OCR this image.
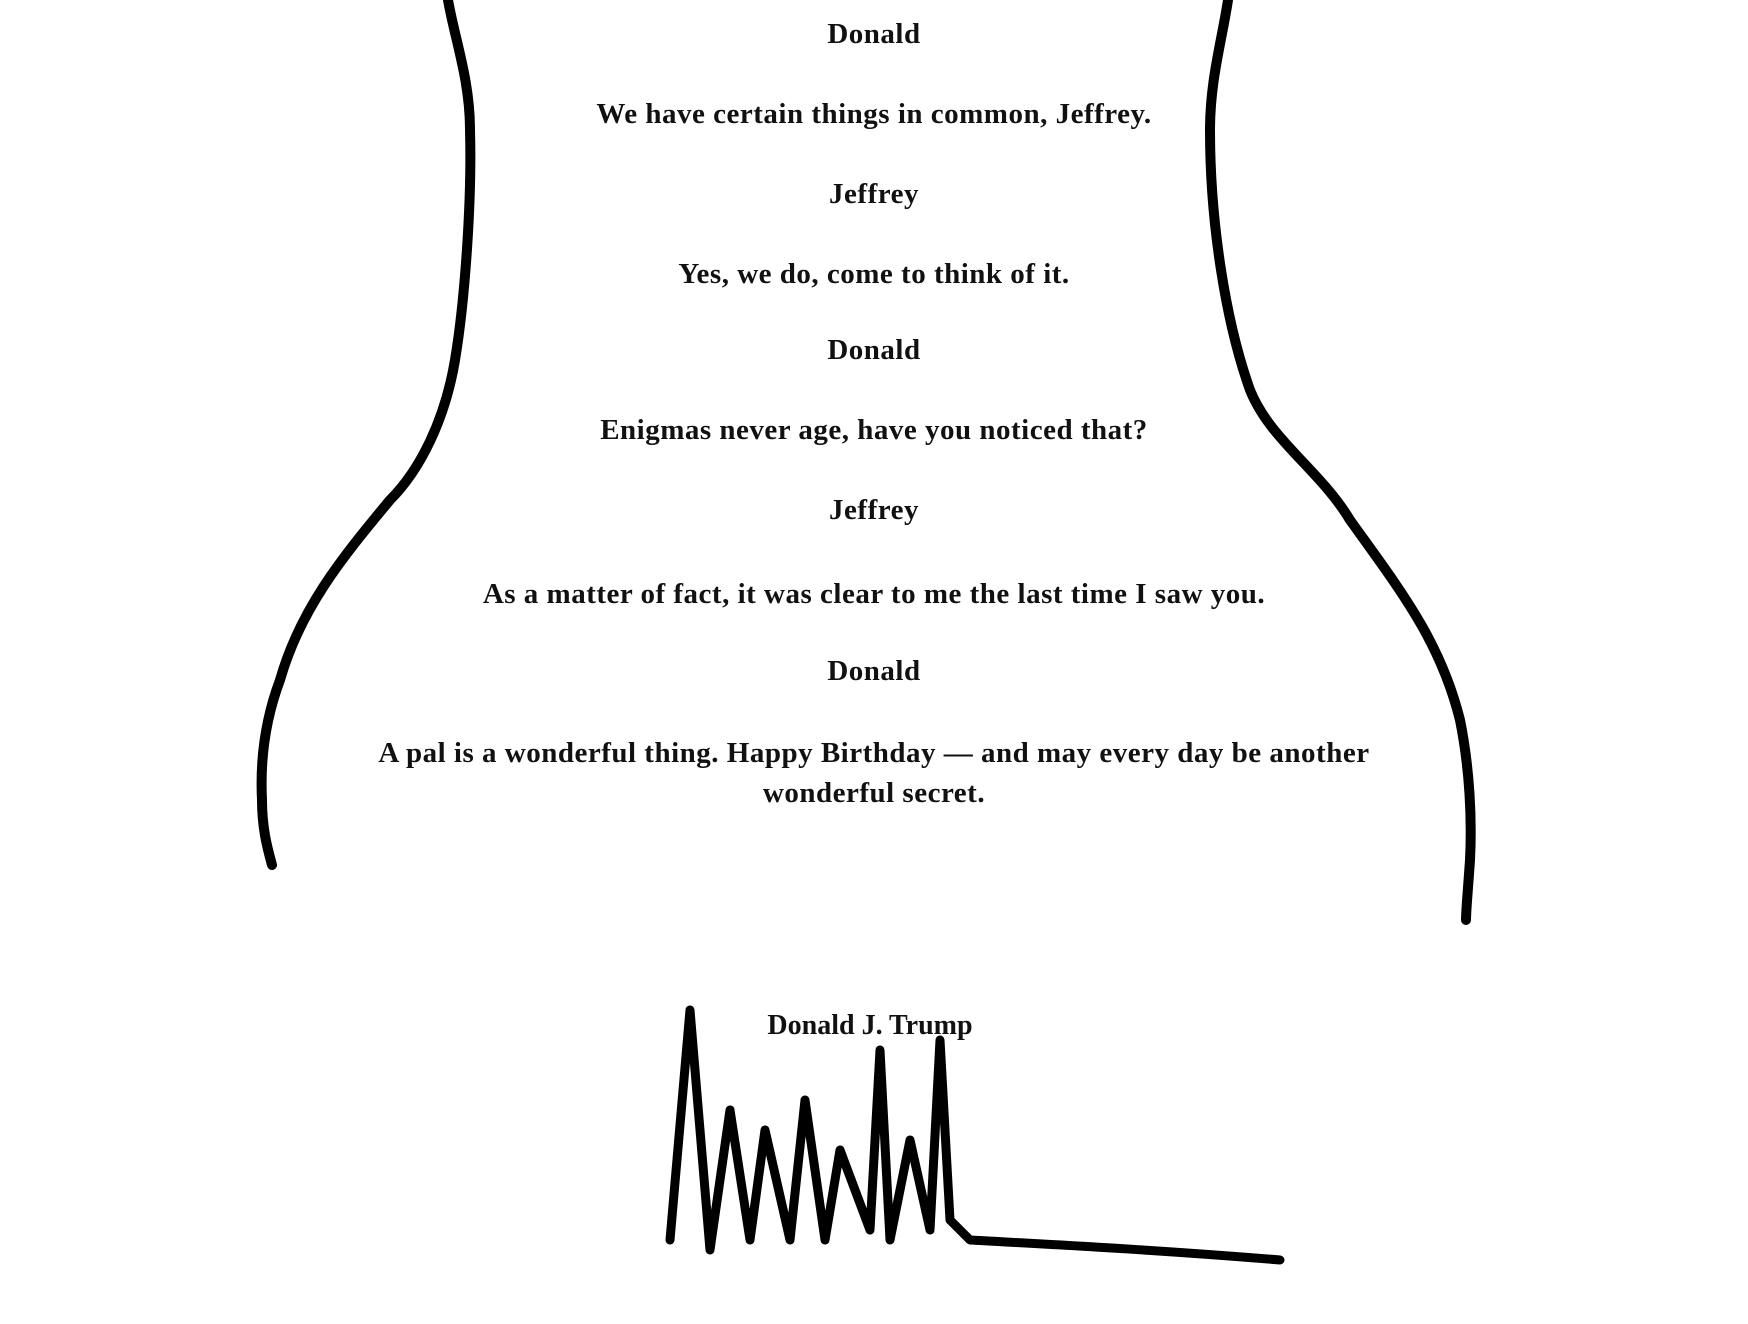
Donald
We have certain things in common, Jeffrey.
Jeffrey
Yes, we do, come to think of it.
Donald
Enigmas never age, have you noticed that?
Jeffrey
As a matter of fact, it was clear to me the last time I saw you.
Donald
A pal is a wonderful thing. Happy Birthday — and may every day be another
wonderful secret.
Donald J. Trump
